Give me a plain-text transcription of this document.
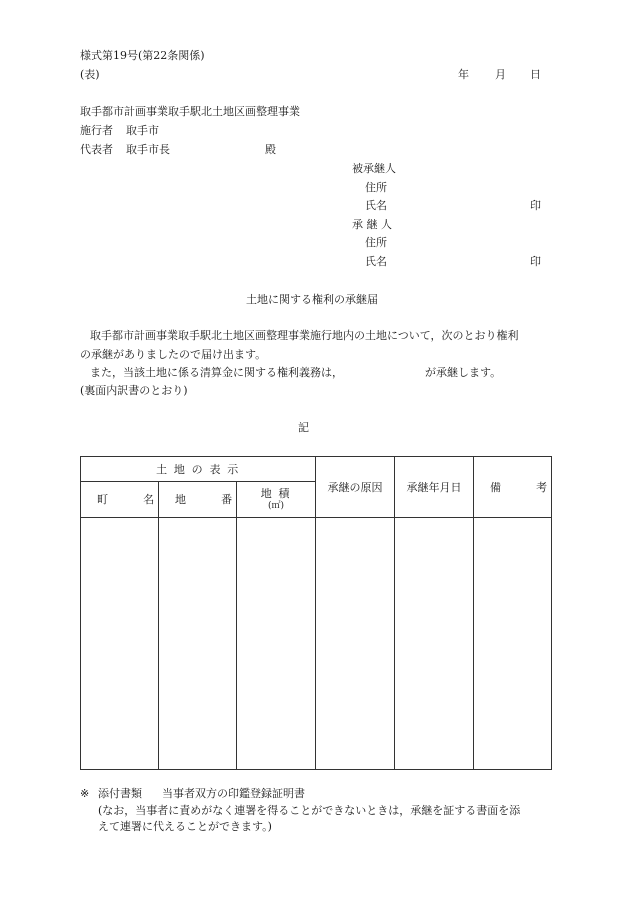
様式第19号(第22条関係)
(表)	年 月 日
取手都市計画事業取手駅北土地区画整理事業
施行者 取手市
代表者 取手市長	殿
被承継人
住所
氏名	印
承 継 人
住所
氏名	印
土地に関する権利の承継届
取手都市計画事業取手駅北土地区画整理事業施行地内の土地について，次のとおり権利
の承継がありましたので届け出ます。
また，当該土地に係る清算金に関する権利義務は，	が承継します。
(裏面内訳書のとおり)
記
土 地 の 表 示
町　名 地　番	地 積
(㎡)
承継の原因	承継年月日	備　考
※ 添付書類 当事者双方の印鑑登録証明書
(なお，当事者に責めがなく連署を得ることができないときは，承継を証する書面を添
えて連署に代えることができます。)
